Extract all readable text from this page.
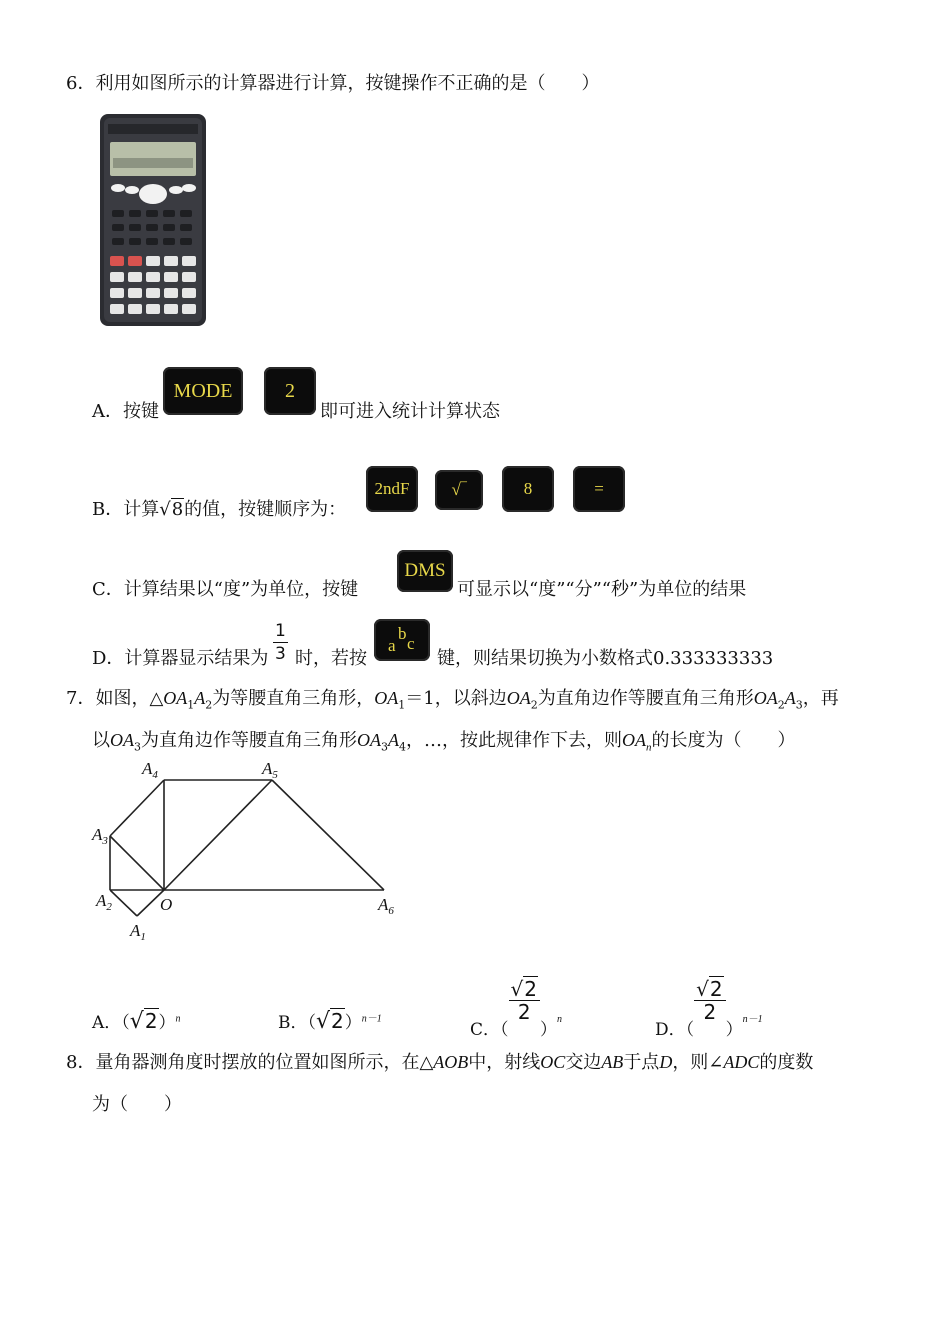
6．利用如图所示的计算器进行计算，按键操作不正确的是（　　）
A．按键
MODE	2
即可进入统计计算状态
B．计算√8的值，按键顺序为：
2ndF	√‾	8	=
C．计算结果以“度”为单位，按键
DMS
可显示以“度”“分”“秒”为单位的结果
D．计算器显示结果为 $\frac{1}{3}$ 时，若按
a
b
c
键，则结果切换为小数格式0.333333333
7．如图，$\triangle OA_1A_2$为等腰直角三角形，$OA_1=1$，以斜边$OA_2$为直角边作等腰直角三角形$OA_2A_3$，再
以$OA_3$为直角边作等腰直角三角形$OA_3A_4$，…，按此规律作下去，则$OA_n$的长度为（　　）
$A_4$	$A_5$
$A_3$
$A_2$	O
$A_1$
$A_6$
A．$(√2)^n$	B．$(√2)^{n-1}$
C．（
$\frac{√2}{2}$
）$_n$
D．（
$\frac{√2}{2}$
）$_{n-1}$
8．量角器测角度时摆放的位置如图所示，在△AOB中，射线OC交边AB于点D，则∠ADC的度数
为（　　）
